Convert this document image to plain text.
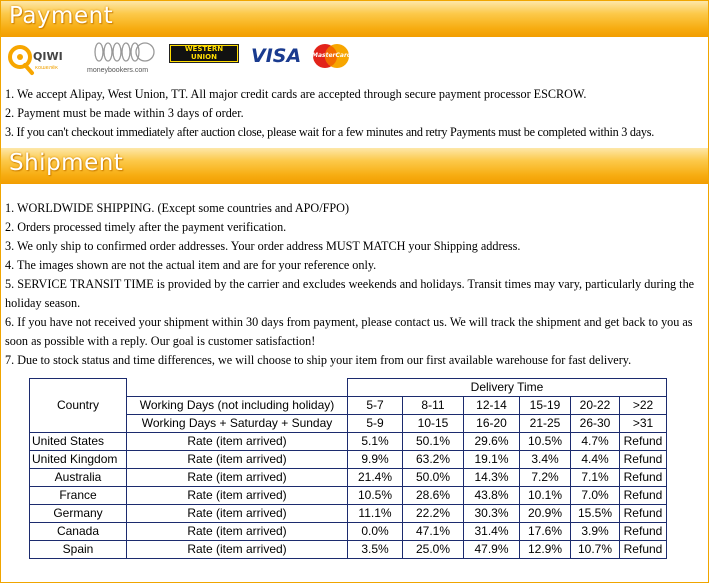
Payment
QIWI
кошелёк	moneybookers.com
WESTERN
UNION	VISA MasterCard

1. We accept Alipay, West Union, TT. All major credit cards are accepted through secure payment processor ESCROW.

2. Payment must be made within 3 days of order.

3. If you can't checkout immediately after auction close, please wait for a few minutes and retry Payments must be completed within 3 days.

Shipment

1. WORLDWIDE SHIPPING. (Except some countries and APO/FPO)

2. Orders processed timely after the payment verification.

3. We only ship to confirmed order addresses. Your order address MUST MATCH your Shipping address.

4. The images shown are not the actual item and are for your reference only.

5. SERVICE TRANSIT TIME is provided by the carrier and excludes weekends and holidays. Transit times may vary, particularly during the holiday season.

6. If you have not received your shipment within 30 days from payment, please contact us. We will track the shipment and get back to you as soon as possible with a reply. Our goal is customer satisfaction!

7. Due to stock status and time differences, we will choose to ship your item from our first available warehouse for fast delivery.

Country		Delivery Time					
	Working Days (not including holiday)	5-7	8-11	12-14	15-19	20-22	>22
	Working Days + Saturday + Sunday	5-9	10-15	16-20	21-25	26-30	>31
United States	Rate (item arrived)	5.1%	50.1%	29.6%	10.5%	4.7%	Refund
United Kingdom	Rate (item arrived)	9.9%	63.2%	19.1%	3.4%	4.4%	Refund
Australia	Rate (item arrived)	21.4%	50.0%	14.3%	7.2%	7.1%	Refund
France	Rate (item arrived)	10.5%	28.6%	43.8%	10.1%	7.0%	Refund
Germany	Rate (item arrived)	11.1%	22.2%	30.3%	20.9%	15.5%	Refund
Canada	Rate (item arrived)	0.0%	47.1%	31.4%	17.6%	3.9%	Refund
Spain	Rate (item arrived)	3.5%	25.0%	47.9%	12.9%	10.7%	Refund
